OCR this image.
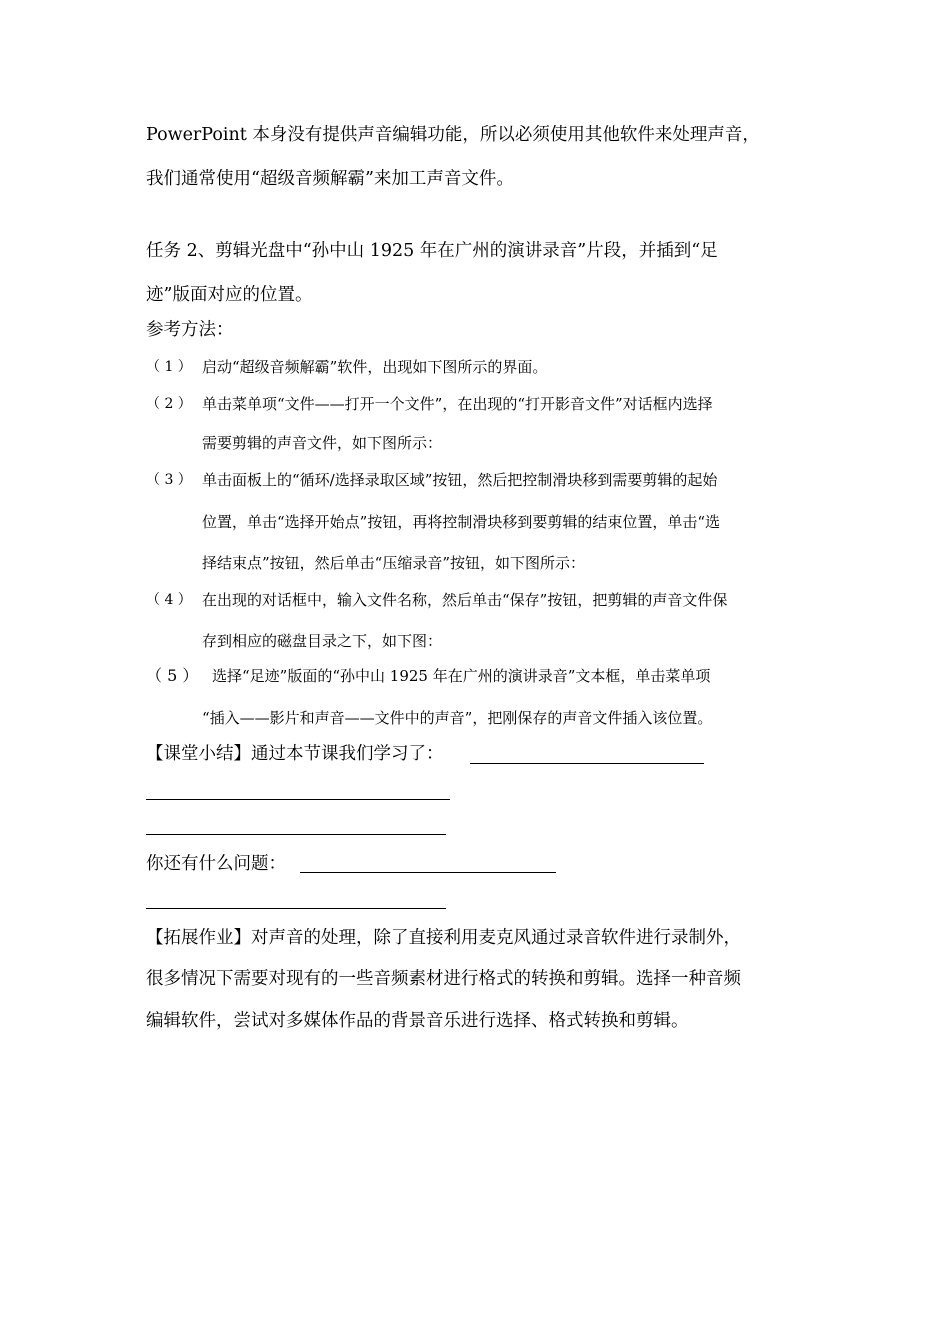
PowerPoint 本身没有提供声音编辑功能，所以必须使用其他软件来处理声音，
我们通常使用“超级音频解霸”来加工声音文件。
任务 2、剪辑光盘中“孙中山 1925 年在广州的演讲录音”片段，并插到“足
迹”版面对应的位置。
参考方法：
（ 1 ） 启动“超级音频解霸”软件，出现如下图所示的界面。
（ 2 ） 单击菜单项“文件——打开一个文件”，在出现的“打开影音文件”对话框内选择
需要剪辑的声音文件，如下图所示：
（ 3 ） 单击面板上的“循环/选择录取区域”按钮，然后把控制滑块移到需要剪辑的起始
位置，单击“选择开始点”按钮，再将控制滑块移到要剪辑的结束位置，单击“选
择结束点”按钮，然后单击“压缩录音”按钮，如下图所示：
（ 4 ） 在出现的对话框中，输入文件名称，然后单击“保存”按钮，把剪辑的声音文件保
存到相应的磁盘目录之下，如下图：
（ 5 ） 选择“足迹”版面的“孙中山 1925 年在广州的演讲录音”文本框，单击菜单项
“插入——影片和声音——文件中的声音”，把刚保存的声音文件插入该位置。
【课堂小结】通过本节课我们学习了：
你还有什么问题：
【拓展作业】对声音的处理，除了直接利用麦克风通过录音软件进行录制外，
很多情况下需要对现有的一些音频素材进行格式的转换和剪辑。选择一种音频
编辑软件，尝试对多媒体作品的背景音乐进行选择、格式转换和剪辑。
